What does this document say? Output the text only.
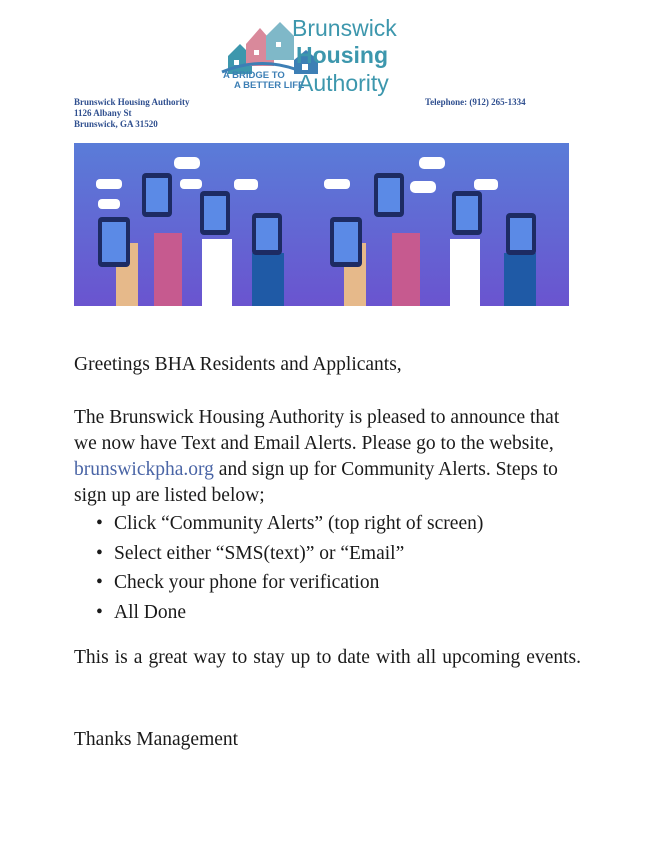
Brunswick
Housing
Authority
A BRIDGE TO
A BETTER LIFE
Brunswick Housing Authority
1126 Albany St
Brunswick, GA 31520
Telephone: (912) 265-1334

Greetings BHA Residents and Applicants,

The Brunswick Housing Authority is pleased to announce that we now have Text and Email Alerts. Please go to the website, brunswickpha.org and sign up for Community Alerts. Steps to sign up are listed below;

• Click “Community Alerts” (top right of screen)
• Select either “SMS(text)” or “Email”
• Check your phone for verification
• All Done

This is a great way to stay up to date with all upcoming events.

Thanks Management
